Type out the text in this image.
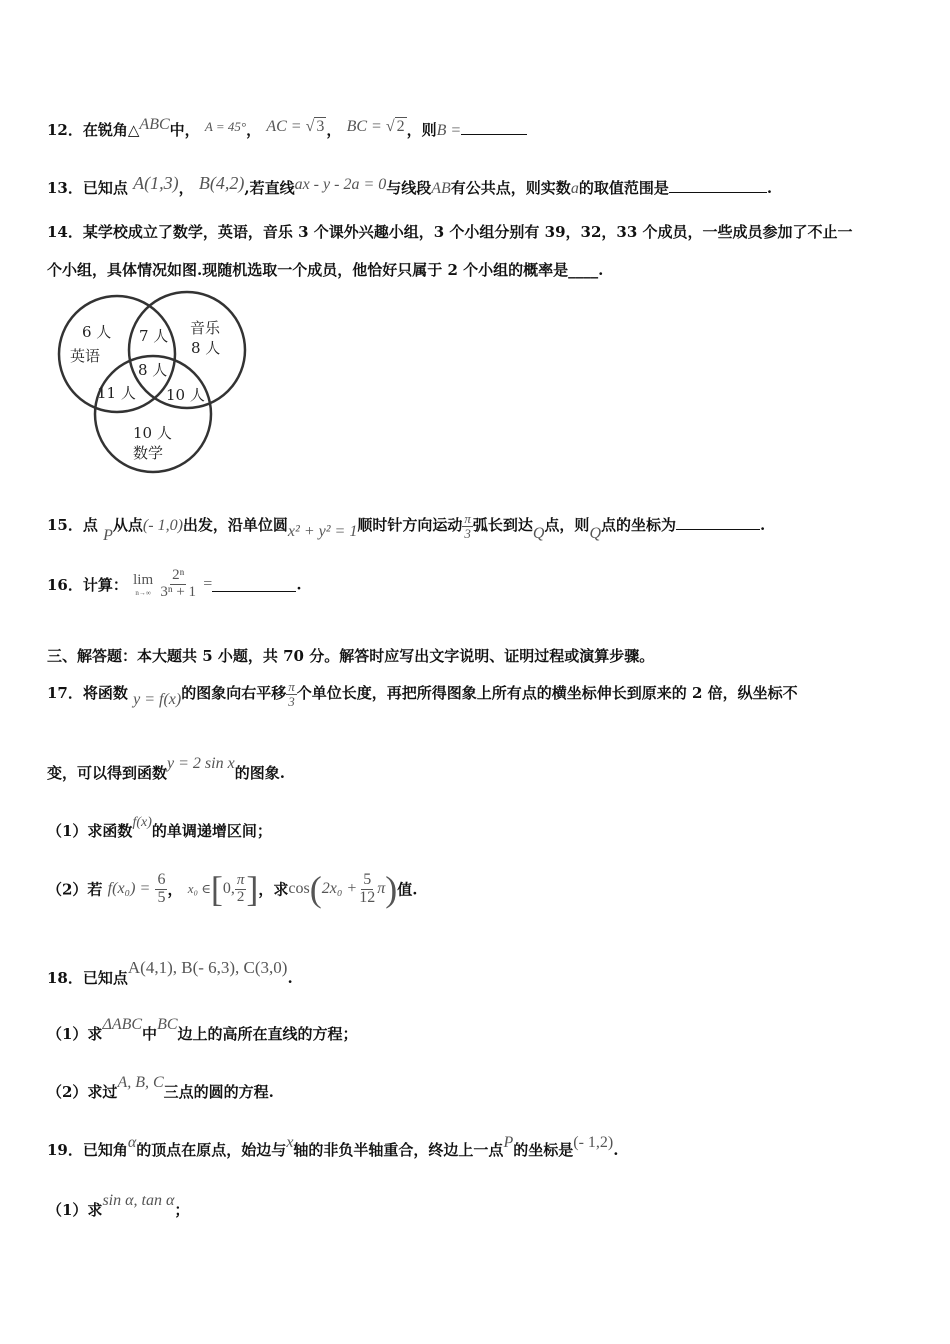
12．在锐角△ABC中， A = 45°， AC = √ 3 ， BC = √ 2 ，则B =
13．已知点 A(1,3)， B(4,2),若直线ax - y - 2a = 0与线段AB有公共点，则实数a的取值范围是	.
14．某学校成立了数学，英语，音乐 3 个课外兴趣小组，3 个小组分别有 39，32，33 个成员，一些成员参加了不止一
个小组，具体情况如图.现随机选取一个成员，他恰好只属于 2 个小组的概率是____.
6 人
英语
音乐
8 人
7 人
8 人
11 人 10 人
10 人
数学
15．点 P从点(- 1,0)出发，沿单位圆x² + y² = 1顺时针方向运动 $\frac{\pi}{3}$ 弧长到达Q点，则Q点的坐标为	.
16．计算： lim
n→∞
$\frac{\text{2ⁿ}}{\text{3ⁿ + 1}}$ =	.
三、解答题：本大题共 5 小题，共 70 分。解答时应写出文字说明、证明过程或演算步骤。
17．将函数 y = f(x)的图象向右平移 $\frac{\pi}{3}$ 个单位长度，再把所得图象上所有点的横坐标伸长到原来的 2 倍，纵坐标不
变，可以得到函数y = 2 sin x的图象.
（1）求函数f(x)的单调递增区间；
（2）若 $f(x_0) = \frac{6}{5}$ ， x₀ ∈[0, $\frac{\pi}{2}$ ]，求$\cos(2x_0 + \frac{5}{12} \pi)$值.
18．已知点A(4,1), B(- 6,3), C(3,0).
（1）求ΔABC中BC边上的高所在直线的方程；
（2）求过A, B, C三点的圆的方程.
19．已知角α的顶点在原点，始边与x轴的非负半轴重合，终边上一点P的坐标是(- 1,2).
（1）求sin α, tan α；
